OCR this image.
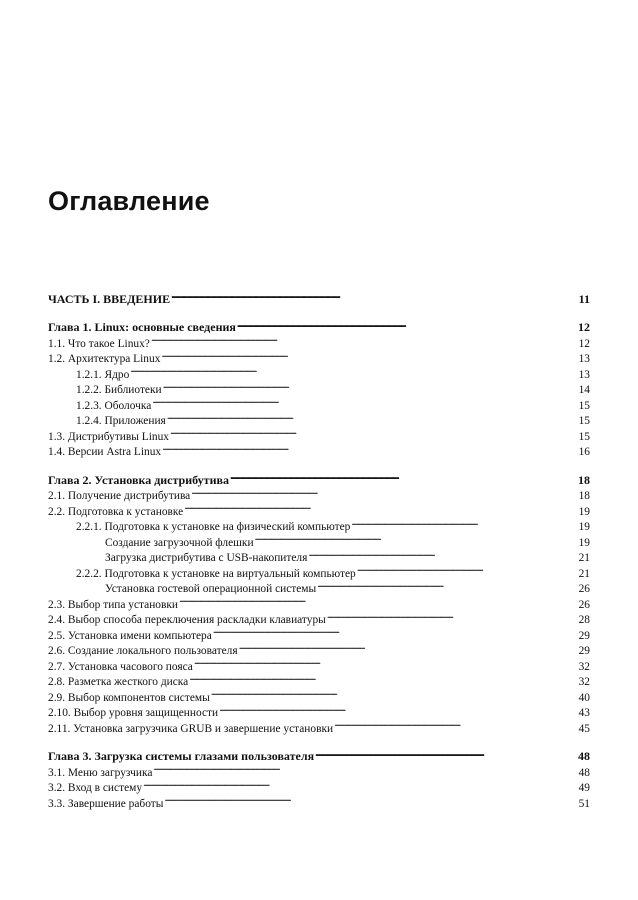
Оглавление
ЧАСТЬ I. ВВЕДЕНИЕ . . .	11
Глава 1. Linux: основные сведения . . .	12
1.1. Что такое Linux? . . .	12
1.2. Архитектура Linux . . .	13
1.2.1. Ядро . . .	13
1.2.2. Библиотеки . . .	14
1.2.3. Оболочка . . .	15
1.2.4. Приложения . . .	15
1.3. Дистрибутивы Linux . . .	15
1.4. Версии Astra Linux . . .	16
Глава 2. Установка дистрибутива . . .	18
2.1. Получение дистрибутива . . .	18
2.2. Подготовка к установке . . .	19
2.2.1. Подготовка к установке на физический компьютер . . .	19
Создание загрузочной флешки . . .	19
Загрузка дистрибутива с USB-накопителя . . .	21
2.2.2. Подготовка к установке на виртуальный компьютер . . .	21
Установка гостевой операционной системы . . .	26
2.3. Выбор типа установки . . .	26
2.4. Выбор способа переключения раскладки клавиатуры . . .	28
2.5. Установка имени компьютера . . .	29
2.6. Создание локального пользователя . . .	29
2.7. Установка часового пояса . . .	32
2.8. Разметка жесткого диска . . .	32
2.9. Выбор компонентов системы . . .	40
2.10. Выбор уровня защищенности . . .	43
2.11. Установка загрузчика GRUB и завершение установки . . .	45
Глава 3. Загрузка системы глазами пользователя . . .	48
3.1. Меню загрузчика . . .	48
3.2. Вход в систему . . .	49
3.3. Завершение работы . . .	51
